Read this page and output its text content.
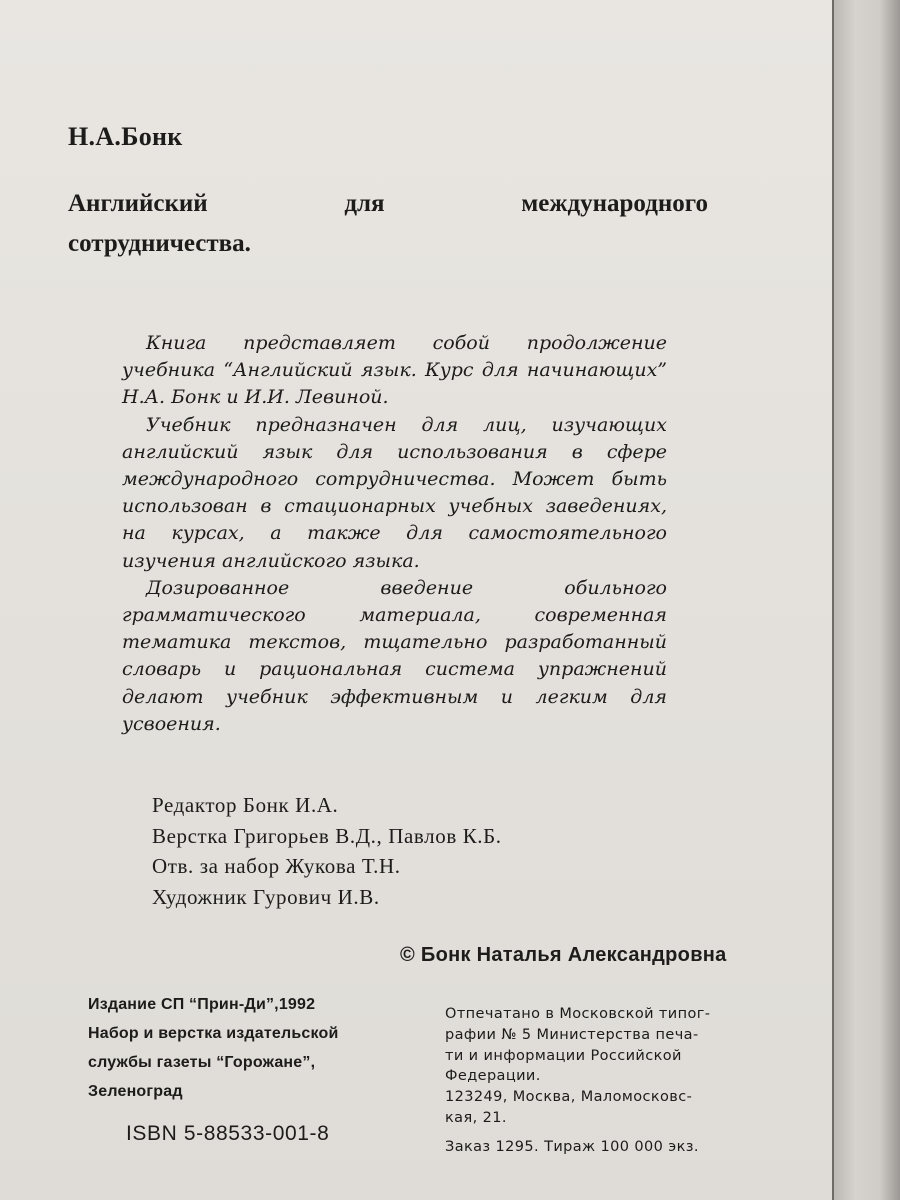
Н.А.Бонк
Английский	для	международного
сотрудничества.

Книга представляет собой продолжение учебника “Английский язык. Курс для начинающих” Н.А. Бонк и И.И. Левиной.

Учебник предназначен для лиц, изучающих английский язык для использования в сфере международного сотрудничества. Может быть использован в стационарных учебных заведениях, на курсах, а также для самостоятельного изучения английского языка.

Дозированное введение обильного грамматического материала, современная тематика текстов, тщательно разработанный словарь и рациональная система упражнений делают учебник эффективным и легким для усвоения.

Редактор Бонк И.А.
Верстка Григорьев В.Д., Павлов К.Б.
Отв. за набор Жукова Т.Н.
Художник Гурович И.В.
© Бонк Наталья Александровна
Издание СП “Прин-Ди”,1992
Набор и верстка издательской
службы газеты “Горожане”,
Зеленоград
ISBN 5-88533-001-8
Отпечатано в Московской типог-
рафии № 5 Министерства печа-
ти и информации Российской
Федерации.
123249, Москва, Маломосковс-
кая, 21.
Заказ 1295. Тираж 100 000 экз.
